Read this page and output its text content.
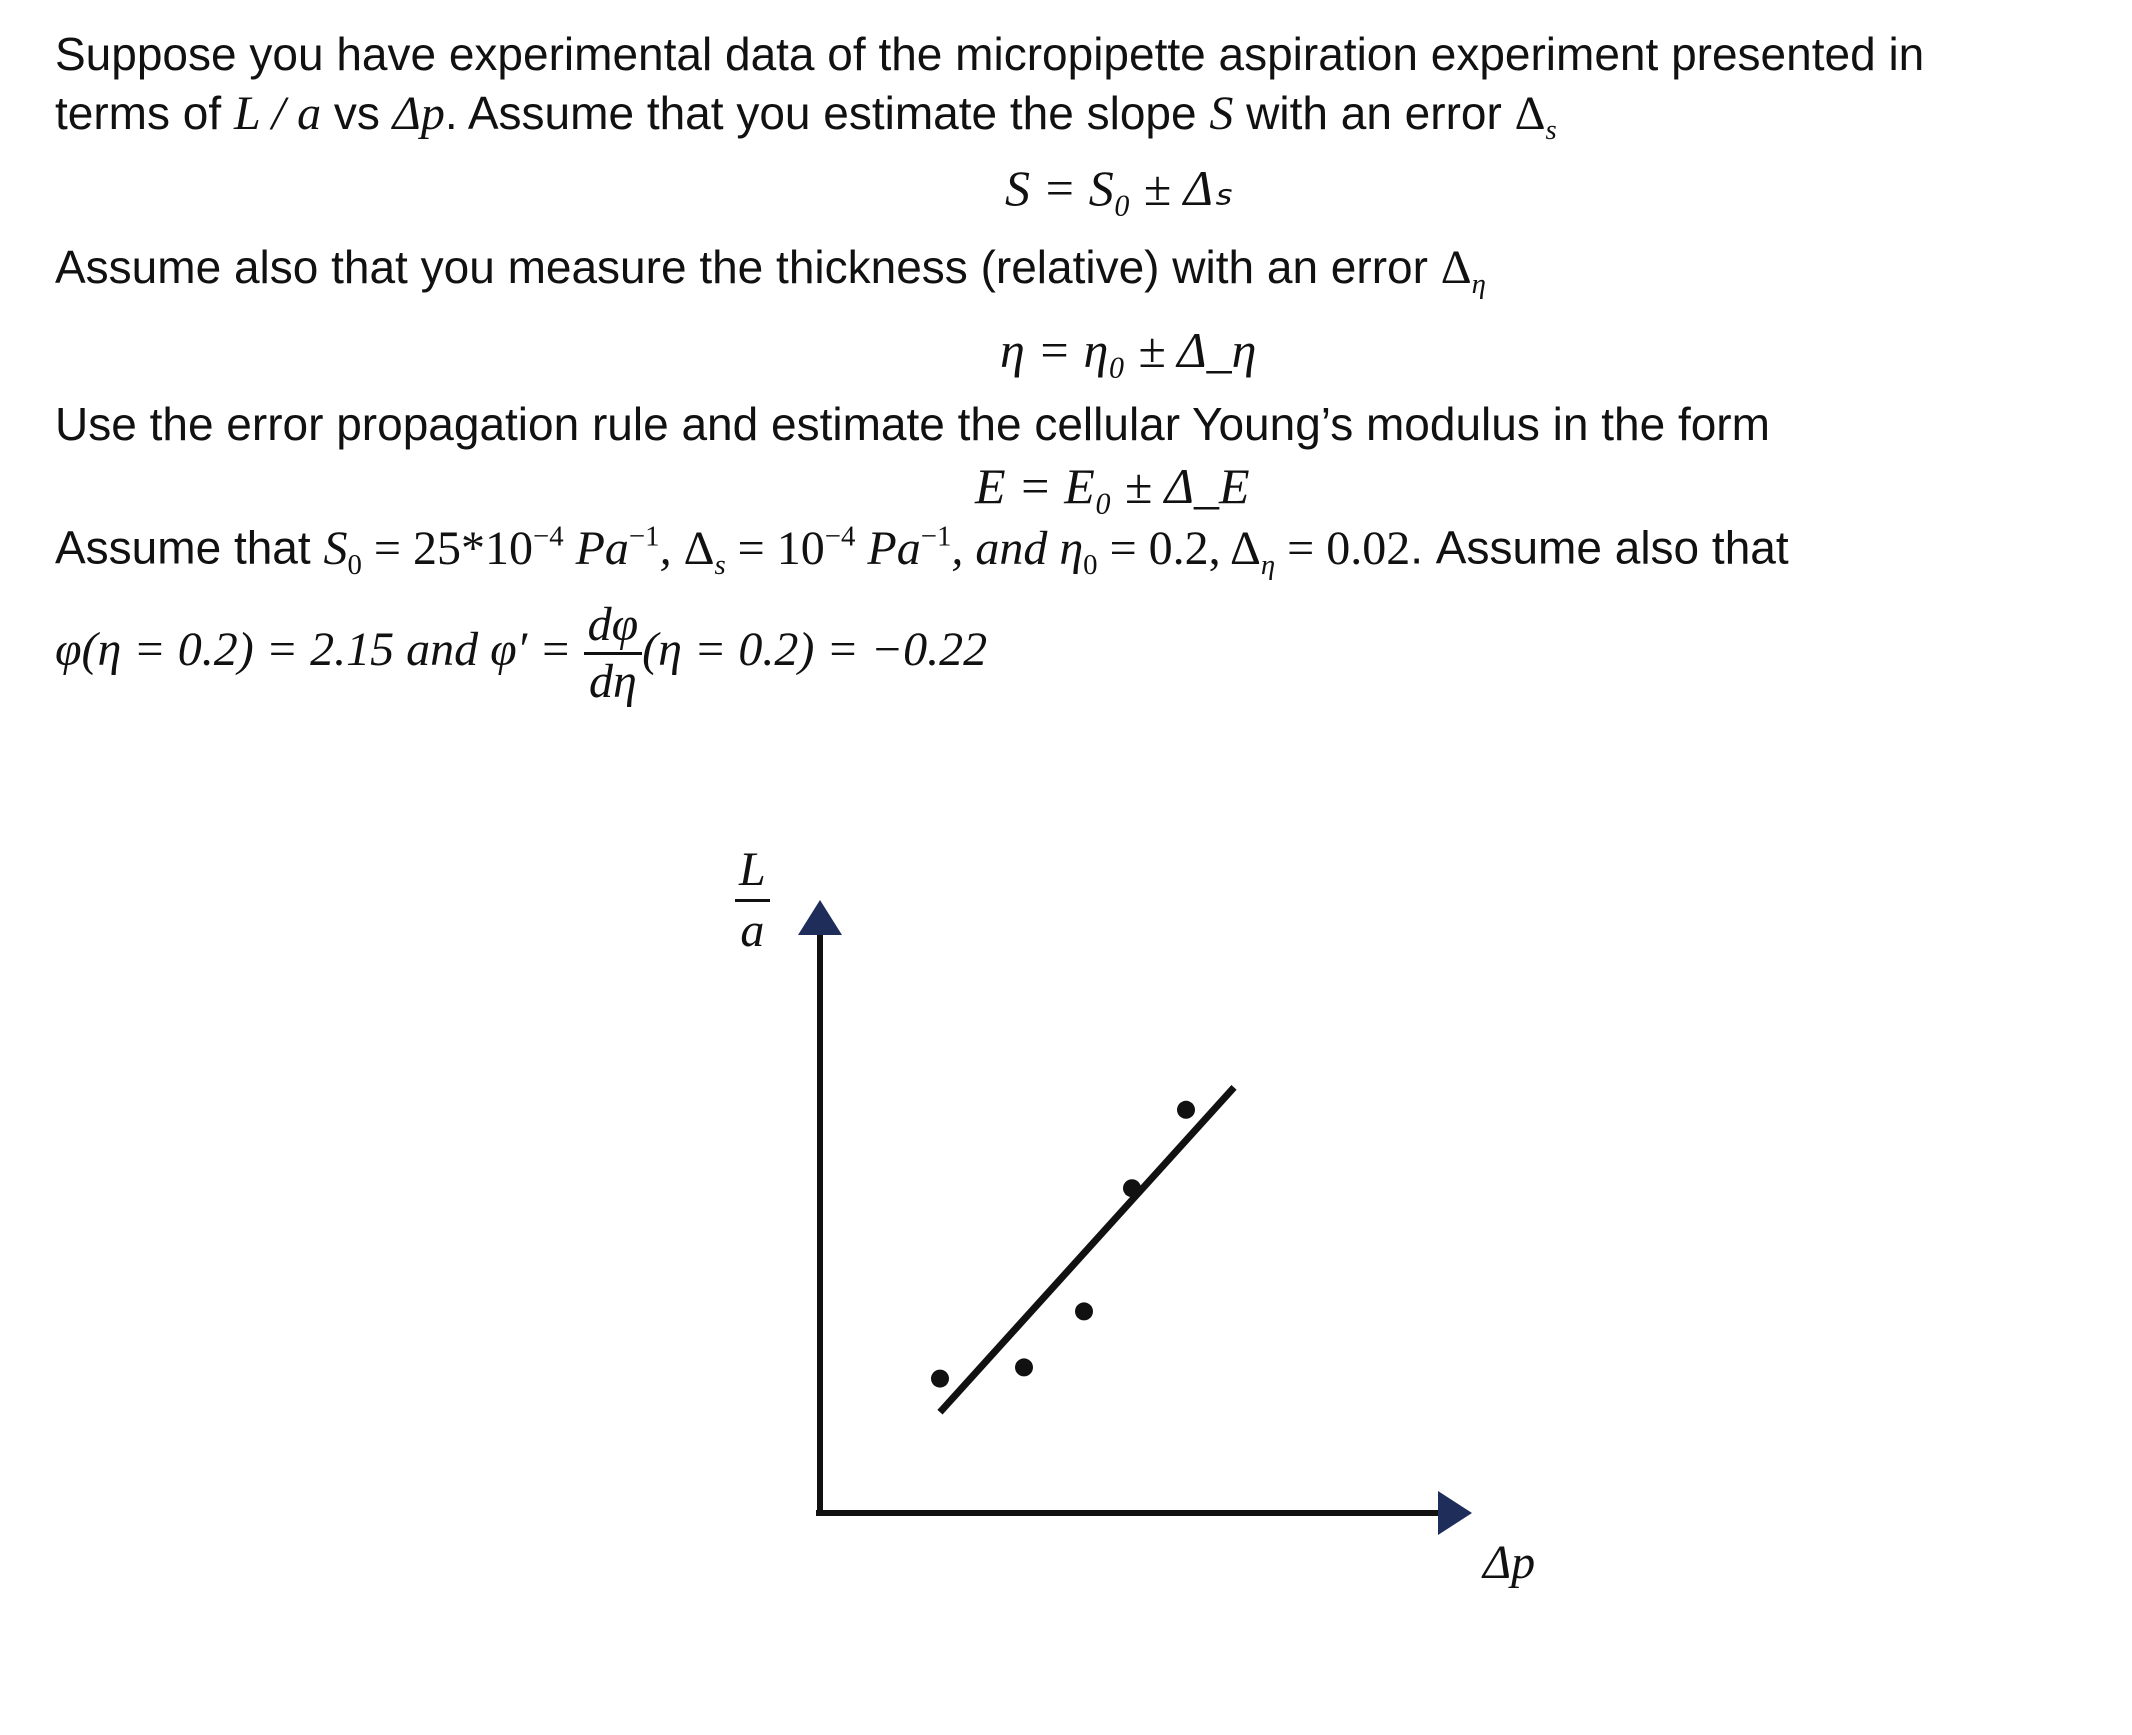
Suppose you have experimental data of the micropipette aspiration experiment presented in
terms of L / a vs Δp. Assume that you estimate the slope S with an error $\Delta_s$
S = S₀ ± Δₛ
Assume also that you measure the thickness (relative) with an error $\Delta_\eta$
η = η₀ ± Δ_η
Use the error propagation rule and estimate the cellular Young’s modulus in the form
E = E₀ ± Δ_E
Assume that $S_0 = 25*10^{-4}$ $Pa^{-1}$, $\Delta_s = 10^{-4}$ $Pa^{-1}$, and $\eta_0 = 0.2$, $\Delta_\eta = 0.02$. Assume also that
φ(η = 0.2) = 2.15 and $\varphi' = \frac{d\varphi}{d\eta} (\eta = 0.2) = -0.22$
$\frac{L}{a}$
Δp
